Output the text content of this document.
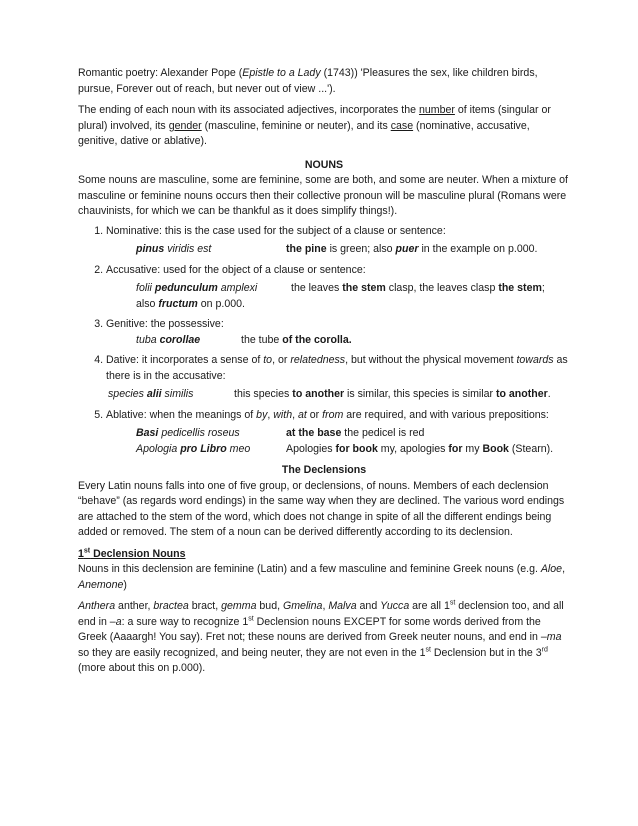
Romantic poetry: Alexander Pope (Epistle to a Lady (1743)) 'Pleasures the sex, like children birds, pursue, Forever out of reach, but never out of view ...').

The ending of each noun with its associated adjectives, incorporates the number of items (singular or plural) involved, its gender (masculine, feminine or neuter), and its case (nominative, accusative, genitive, dative or ablative).

NOUNS

Some nouns are masculine, some are feminine, some are both, and some are neuter. When a mixture of masculine or feminine nouns occurs then their collective pronoun will be masculine plural (Romans were chauvinists, for which we can be thankful as it does simplify things!).

1. Nominative: this is the case used for the subject of a clause or sentence:
pinus viridis est	the pine is green; also puer in the example on p.000.
2. Accusative: used for the object of a clause or sentence:
folii pedunculum amplexi	the leaves the stem clasp, the leaves clasp the stem;
also fructum on p.000.
3. Genitive: the possessive:
tuba corollae	the tube of the corolla.
4. Dative: it incorporates a sense of to, or relatedness, but without the physical movement towards as there is in the accusative:
species alii similis	this species to another is similar, this species is similar to another.
5. Ablative: when the meanings of by, with, at or from are required, and with various prepositions:
Basi pedicellis roseus	at the base the pedicel is red
Apologia pro Libro meo	Apologies for book my, apologies for my Book (Stearn).
The Declensions

Every Latin nouns falls into one of five group, or declensions, of nouns. Members of each declension “behave” (as regards word endings) in the same way when they are declined. The various word endings are attached to the stem of the word, which does not change in spite of all the different endings being added or removed. The stem of a noun can be derived differently according to its declension.

1st Declension Nouns

Nouns in this declension are feminine (Latin) and a few masculine and feminine Greek nouns (e.g. Aloe, Anemone)

Anthera anther, bractea bract, gemma bud, Gmelina, Malva and Yucca are all 1st declension too, and all end in –a: a sure way to recognize 1st Declension nouns EXCEPT for some words derived from the Greek (Aaaargh! You say). Fret not; these nouns are derived from Greek neuter nouns, and end in –ma so they are easily recognized, and being neuter, they are not even in the 1st Declension but in the 3rd (more about this on p.000).
